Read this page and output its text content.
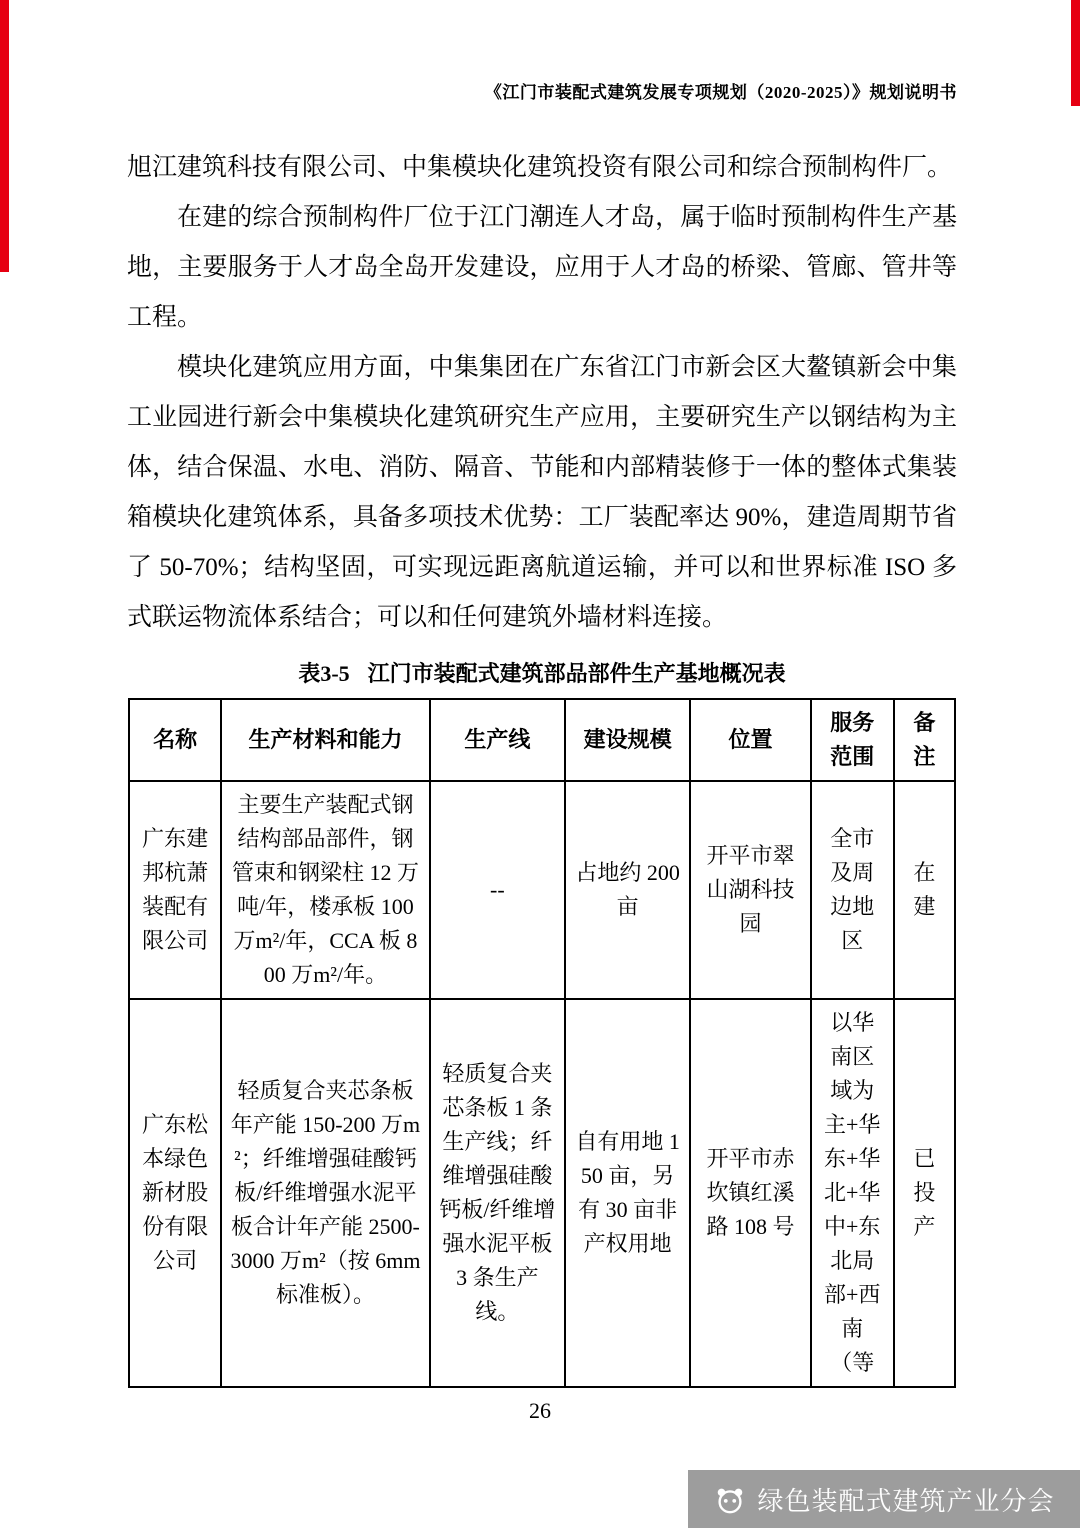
《江门市装配式建筑发展专项规划（2020-2025）》规划说明书

旭江建筑科技有限公司、中集模块化建筑投资有限公司和综合预制构件厂。

在建的综合预制构件厂位于江门潮连人才岛，属于临时预制构件生产基地，主要服务于人才岛全岛开发建设，应用于人才岛的桥梁、管廊、管井等工程。

模块化建筑应用方面，中集集团在广东省江门市新会区大鳌镇新会中集工业园进行新会中集模块化建筑研究生产应用，主要研究生产以钢结构为主体，结合保温、水电、消防、隔音、节能和内部精装修于一体的整体式集装箱模块化建筑体系，具备多项技术优势：工厂装配率达 90%，建造周期节省了 50-70%；结构坚固，可实现远距离航道运输，并可以和世界标准 ISO 多式联运物流体系结合；可以和任何建筑外墙材料连接。

表3-5 江门市装配式建筑部品部件生产基地概况表
名称	生产材料和能力	生产线	建设规模	位置	服务范围	备注
广东建邦杭萧装配有限公司	主要生产装配式钢结构部品部件，钢管束和钢梁柱 12 万吨/年，楼承板 100 万m²/年，CCA 板 800 万m²/年。	--	占地约 200 亩	开平市翠山湖科技园	全市及周边地区	在建
广东松本绿色新材股份有限公司	轻质复合夹芯条板年产能 150-200 万m²；纤维增强硅酸钙板/纤维增强水泥平板合计年产能 2500-3000 万m²（按 6mm 标准板）。	轻质复合夹芯条板 1 条生产线；纤维增强硅酸钙板/纤维增强水泥平板 3 条生产线。	自有用地 150 亩，另有 30 亩非产权用地	开平市赤坎镇红溪路 108 号	以华南区域为主+华东+华北+华中+东北局部+西南（等	已投产
26
绿色装配式建筑产业分会
